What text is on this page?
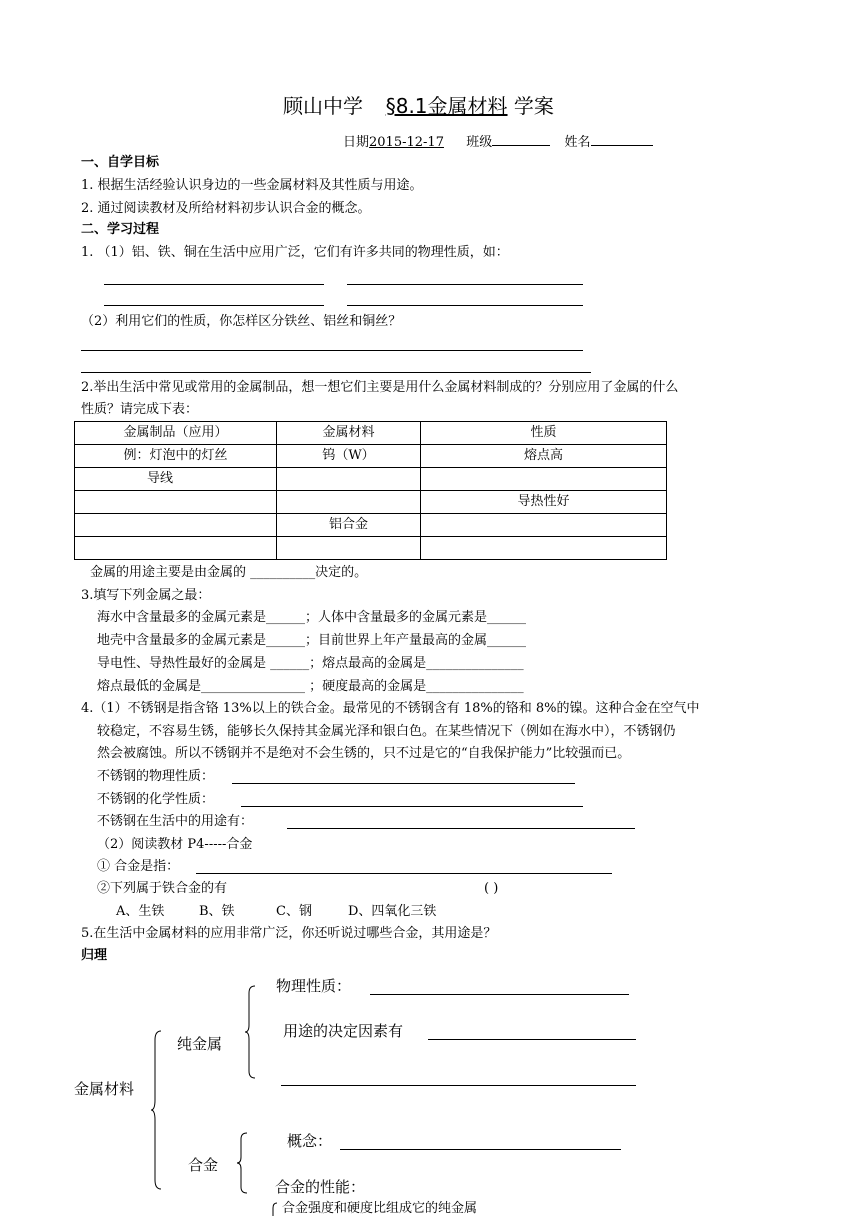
顾山中学 §8.1金属材料 学案
日期2015-12-17 班级	姓名
一、自学目标
1. 根据生活经验认识身边的一些金属材料及其性质与用途。
2. 通过阅读教材及所给材料初步认识合金的概念。
二、学习过程
1. （1）铝、铁、铜在生活中应用广泛，它们有许多共同的物理性质，如：
（2）利用它们的性质，你怎样区分铁丝、铝丝和铜丝？
2.举出生活中常见或常用的金属制品，想一想它们主要是用什么金属材料制成的？分别应用了金属的什么
性质？请完成下表：
金属制品（应用）	金属材料	性质
例：灯泡中的灯丝	钨（W）	熔点高
导线		
		导热性好
	铝合金	

金属的用途主要是由金属的 __________决定的。
3.填写下列金属之最：
海水中含量最多的金属元素是______；人体中含量最多的金属元素是______
地壳中含量最多的金属元素是______；目前世界上年产量最高的金属______
导电性、导热性最好的金属是 ______；熔点最高的金属是_______________
熔点最低的金属是________________ ；硬度最高的金属是_______________
4.（1）不锈钢是指含铬 13%以上的铁合金。最常见的不锈钢含有 18%的铬和 8%的镍。这种合金在空气中
较稳定，不容易生锈，能够长久保持其金属光泽和银白色。在某些情况下（例如在海水中），不锈钢仍
然会被腐蚀。所以不锈钢并不是绝对不会生锈的，只不过是它的“自我保护能力”比较强而已。
不锈钢的物理性质：
不锈钢的化学性质：
不锈钢在生活中的用途有：
（2）阅读教材 P4-----合金
① 合金是指：
②下列属于铁合金的有	( )
A、生铁	B、铁	C、钢	D、四氧化三铁
5.在生活中金属材料的应用非常广泛，你还听说过哪些合金，其用途是？
归理
金属材料
纯金属
物理性质：
用途的决定因素有
合金
概念：
合金的性能：
合金强度和硬度比组成它的纯金属
